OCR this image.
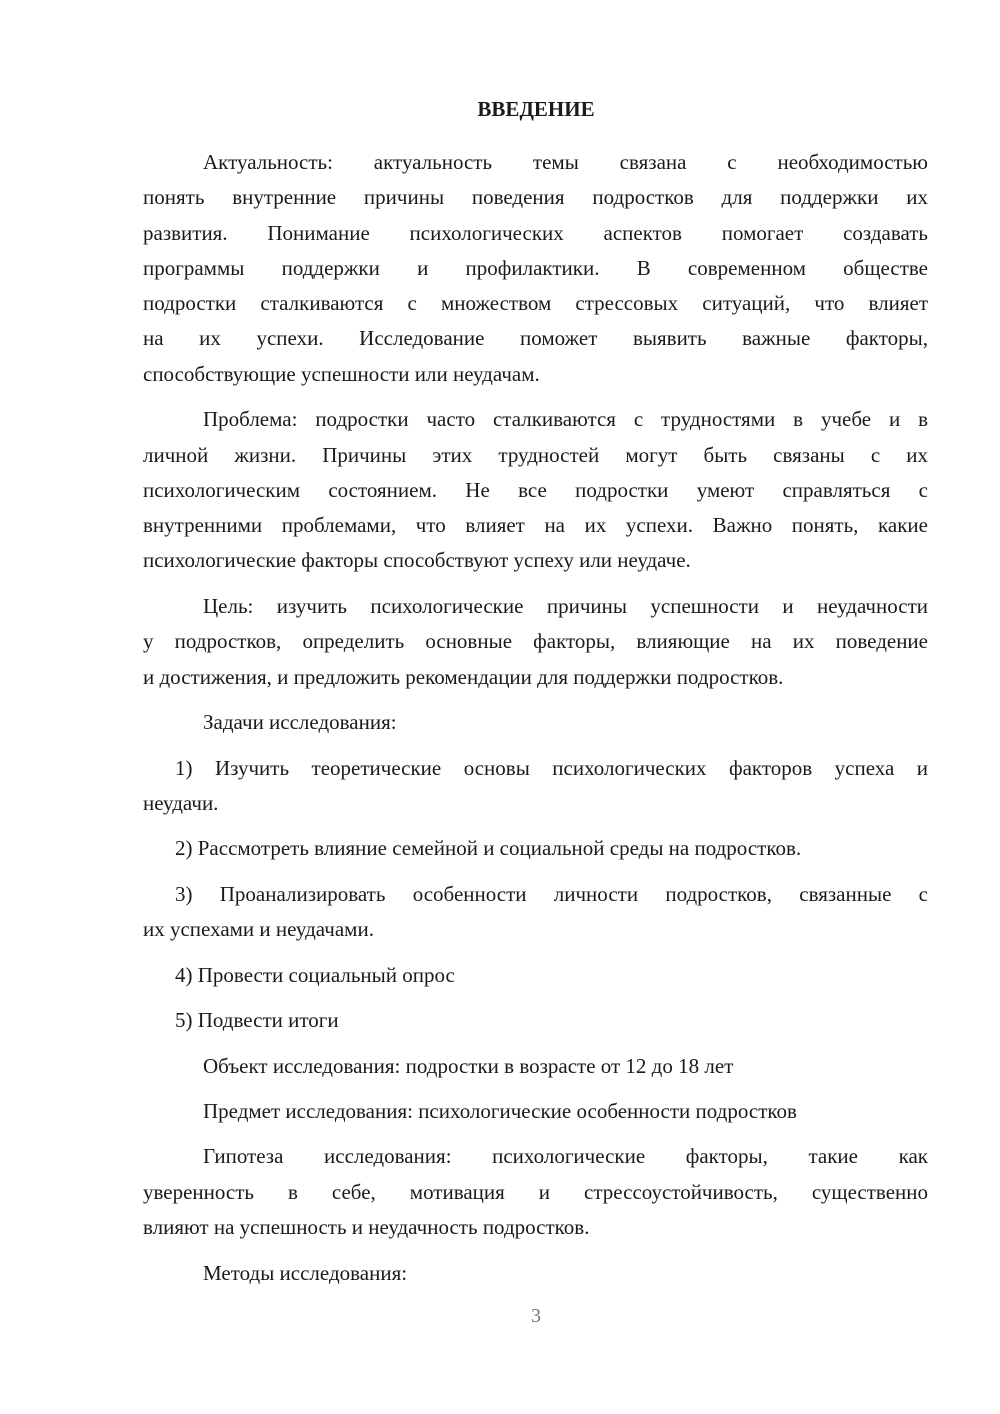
ВВЕДЕНИЕ
Актуальность: актуальность темы связана с необходимостью
понять внутренние причины поведения подростков для поддержки их
развития. Понимание психологических аспектов помогает создавать
программы поддержки и профилактики. В современном обществе
подростки сталкиваются с множеством стрессовых ситуаций, что влияет
на их успехи. Исследование поможет выявить важные факторы,
способствующие успешности или неудачам.
Проблема: подростки часто сталкиваются с трудностями в учебе и в
личной жизни. Причины этих трудностей могут быть связаны с их
психологическим состоянием. Не все подростки умеют справляться с
внутренними проблемами, что влияет на их успехи. Важно понять, какие
психологические факторы способствуют успеху или неудаче.
Цель: изучить психологические причины успешности и неудачности
у подростков, определить основные факторы, влияющие на их поведение
и достижения, и предложить рекомендации для поддержки подростков.
Задачи исследования:
1) Изучить теоретические основы психологических факторов успеха и
неудачи.
2) Рассмотреть влияние семейной и социальной среды на подростков.
3) Проанализировать особенности личности подростков, связанные с
их успехами и неудачами.
4) Провести социальный опрос
5) Подвести итоги
Объект исследования: подростки в возрасте от 12 до 18 лет
Предмет исследования: психологические особенности подростков
Гипотеза исследования: психологические факторы, такие как
уверенность в себе, мотивация и стрессоустойчивость, существенно
влияют на успешность и неудачность подростков.
Методы исследования:
3
